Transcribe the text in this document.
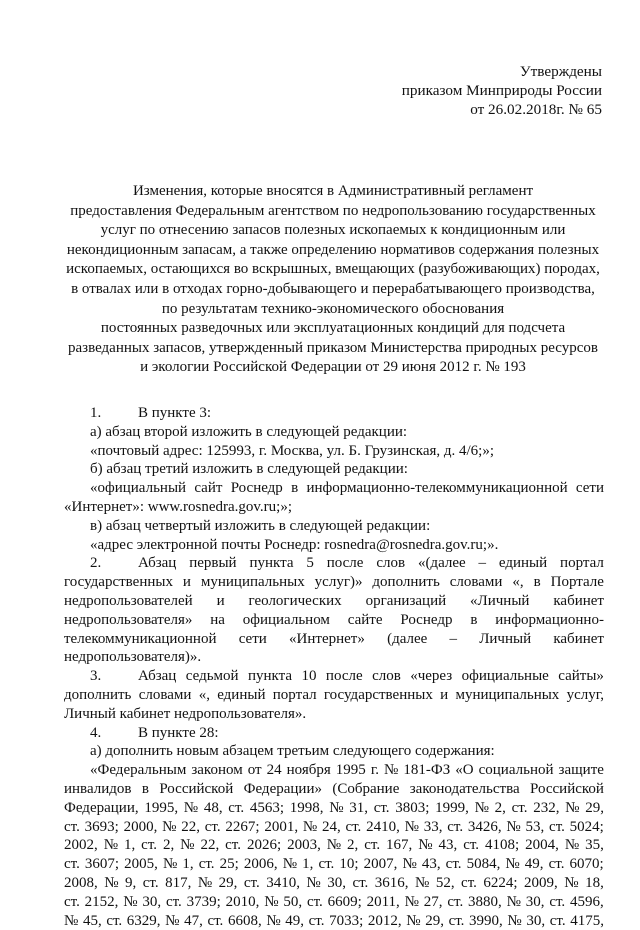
Утверждены
приказом Минприроды России
от 26.02.2018г. № 65
Изменения, которые вносятся в Административный регламент
предоставления Федеральным агентством по недропользованию государственных
услуг по отнесению запасов полезных ископаемых к кондиционным или
некондиционным запасам, а также определению нормативов содержания полезных
ископаемых, остающихся во вскрышных, вмещающих (разубоживающих) породах,
в отвалах или в отходах горно-добывающего и перерабатывающего производства,
по результатам технико-экономического обоснования
постоянных разведочных или эксплуатационных кондиций для подсчета
разведанных запасов, утвержденный приказом Министерства природных ресурсов
и экологии Российской Федерации от 29 июня 2012 г. № 193
1. В пункте 3:
а) абзац второй изложить в следующей редакции:
«почтовый адрес: 125993, г. Москва, ул. Б. Грузинская, д. 4/6;»;
б) абзац третий изложить в следующей редакции:
«официальный сайт Роснедр в информационно-телекоммуникационной сети
«Интернет»: www.rosnedra.gov.ru;»;
в) абзац четвертый изложить в следующей редакции:
«адрес электронной почты Роснедр: rosnedra@rosnedra.gov.ru;».
2.	Абзац первый пункта 5 после слов «(далее – единый портал
государственных и муниципальных услуг)» дополнить словами «, в Портале
недропользователей и геологических организаций «Личный кабинет
недропользователя» на официальном сайте Роснедр в информационно-
телекоммуникационной сети «Интернет» (далее – Личный кабинет
недропользователя)».
3.	Абзац седьмой пункта 10 после слов «через официальные сайты»
дополнить словами «, единый портал государственных и муниципальных услуг,
Личный кабинет недропользователя».
4. В пункте 28:
а) дополнить новым абзацем третьим следующего содержания:
«Федеральным законом от 24 ноября 1995 г. № 181-ФЗ «О социальной защите
инвалидов в Российской Федерации» (Собрание законодательства Российской
Федерации, 1995, № 48, ст. 4563; 1998, № 31, ст. 3803; 1999, № 2, ст. 232, № 29,
ст. 3693; 2000, № 22, ст. 2267; 2001, № 24, ст. 2410, № 33, ст. 3426, № 53, ст. 5024;
2002, № 1, ст. 2, № 22, ст. 2026; 2003, № 2, ст. 167, № 43, ст. 4108; 2004, № 35,
ст. 3607; 2005, № 1, ст. 25; 2006, № 1, ст. 10; 2007, № 43, ст. 5084, № 49, ст. 6070;
2008, № 9, ст. 817, № 29, ст. 3410, № 30, ст. 3616, № 52, ст. 6224; 2009, № 18,
ст. 2152, № 30, ст. 3739; 2010, № 50, ст. 6609; 2011, № 27, ст. 3880, № 30, ст. 4596,
№ 45, ст. 6329, № 47, ст. 6608, № 49, ст. 7033; 2012, № 29, ст. 3990, № 30, ст. 4175,
